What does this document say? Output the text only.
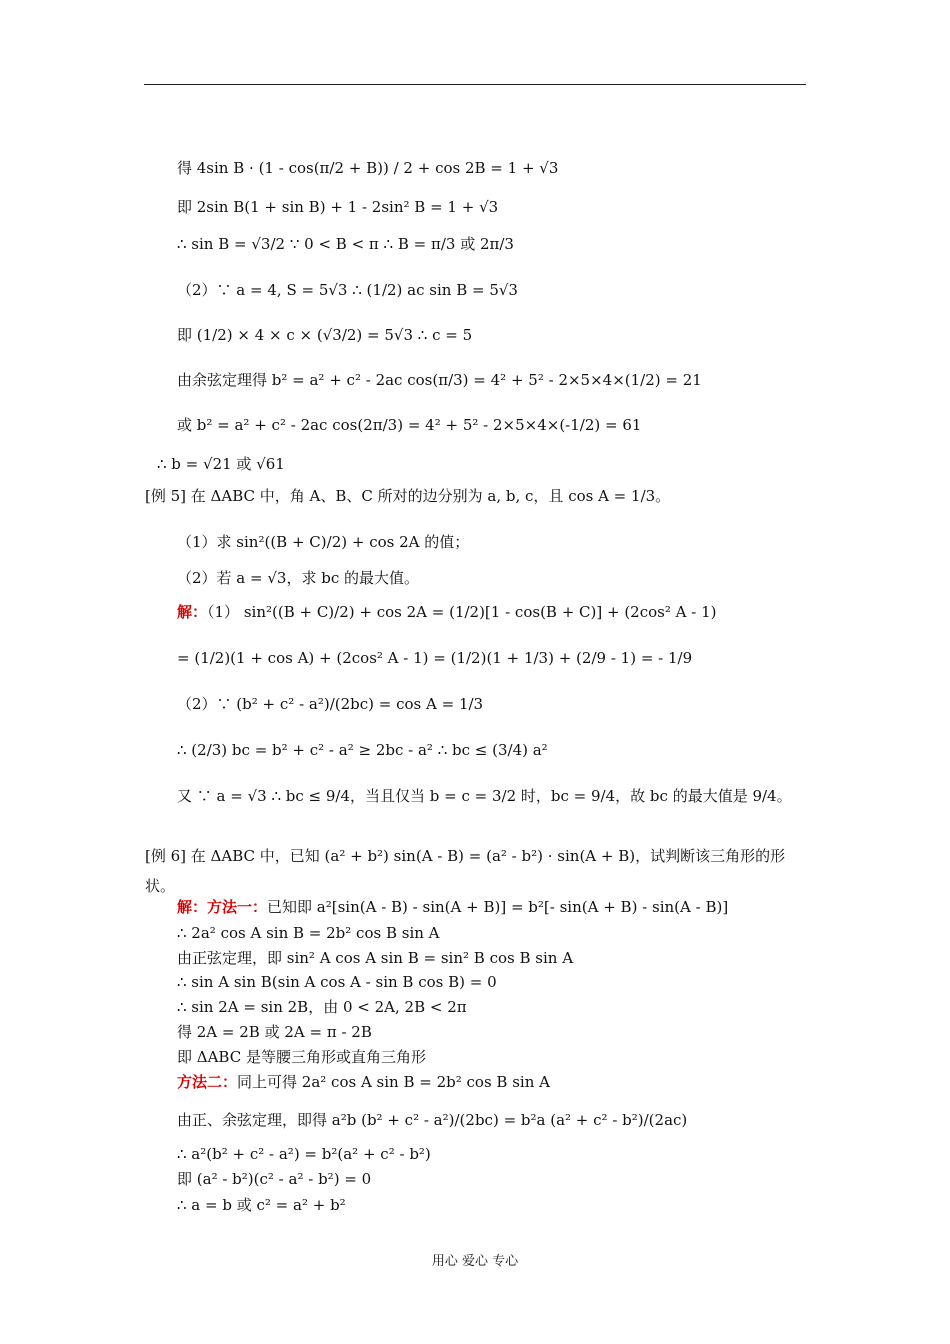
得 4sin B · (1 - cos(π/2 + B)) / 2 + cos 2B = 1 + √3
即 2sin B(1 + sin B) + 1 - 2sin² B = 1 + √3
∴ sin B = √3/2 ∵ 0 < B < π ∴ B = π/3 或 2π/3
（2）∵ a = 4, S = 5√3 ∴ (1/2) ac sin B = 5√3
即 (1/2) × 4 × c × (√3/2) = 5√3 ∴ c = 5
由余弦定理得 b² = a² + c² - 2ac cos(π/3) = 4² + 5² - 2×5×4×(1/2) = 21
或 b² = a² + c² - 2ac cos(2π/3) = 4² + 5² - 2×5×4×(-1/2) = 61
∴ b = √21 或 √61
[例 5] 在 ΔABC 中，角 A、B、C 所对的边分别为 a, b, c，且 cos A = 1/3。
（1）求 sin²((B + C)/2) + cos 2A 的值；
（2）若 a = √3，求 bc 的最大值。
解：（1） sin²((B + C)/2) + cos 2A = (1/2)[1 - cos(B + C)] + (2cos² A - 1)
= (1/2)(1 + cos A) + (2cos² A - 1) = (1/2)(1 + 1/3) + (2/9 - 1) = - 1/9
（2）∵ (b² + c² - a²)/(2bc) = cos A = 1/3
∴ (2/3) bc = b² + c² - a² ≥ 2bc - a² ∴ bc ≤ (3/4) a²
又 ∵ a = √3 ∴ bc ≤ 9/4，当且仅当 b = c = 3/2 时，bc = 9/4，故 bc 的最大值是 9/4。
[例 6] 在 ΔABC 中，已知 (a² + b²) sin(A - B) = (a² - b²) · sin(A + B)，试判断该三角形的形
状。
解：方法一：已知即 a²[sin(A - B) - sin(A + B)] = b²[- sin(A + B) - sin(A - B)]
∴ 2a² cos A sin B = 2b² cos B sin A
由正弦定理，即 sin² A cos A sin B = sin² B cos B sin A
∴ sin A sin B(sin A cos A - sin B cos B) = 0
∴ sin 2A = sin 2B，由 0 < 2A, 2B < 2π
得 2A = 2B 或 2A = π - 2B
即 ΔABC 是等腰三角形或直角三角形
方法二：同上可得 2a² cos A sin B = 2b² cos B sin A
由正、余弦定理，即得 a²b (b² + c² - a²)/(2bc) = b²a (a² + c² - b²)/(2ac)
∴ a²(b² + c² - a²) = b²(a² + c² - b²)
即 (a² - b²)(c² - a² - b²) = 0
∴ a = b 或 c² = a² + b²
用心 爱心 专心
